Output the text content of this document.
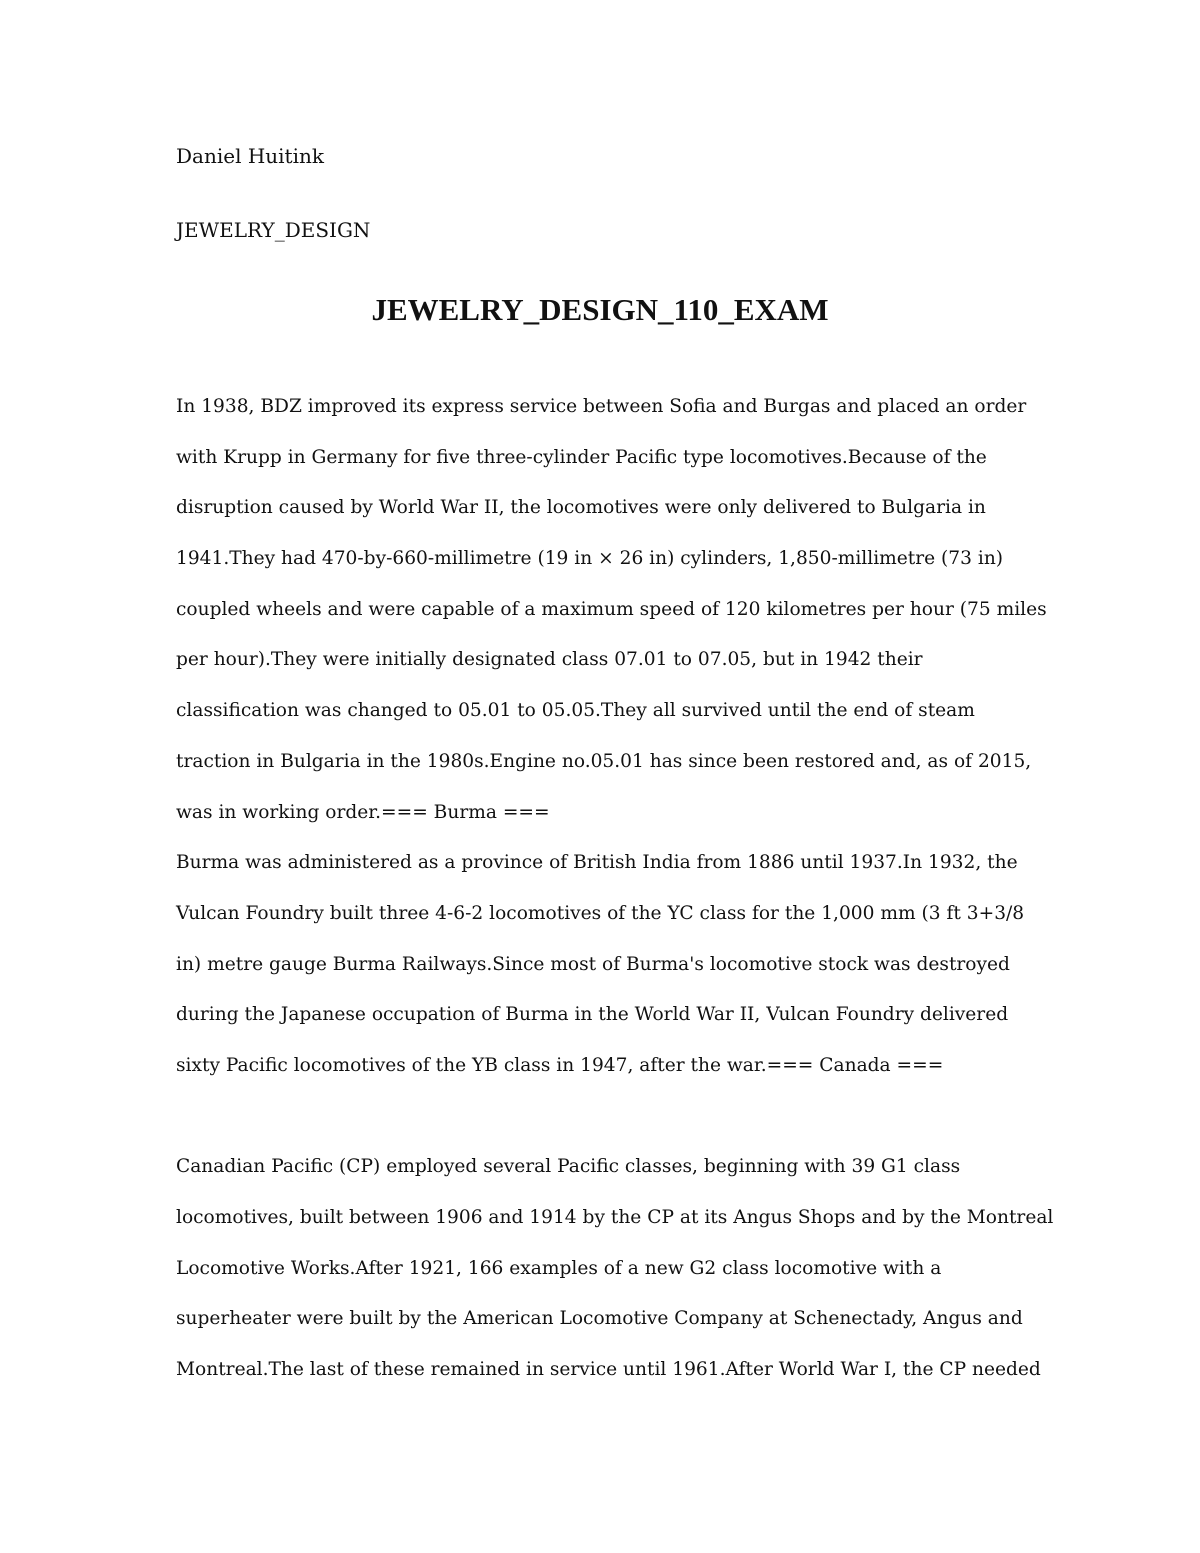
Daniel Huitink
JEWELRY_DESIGN
JEWELRY_DESIGN_110_EXAM
In 1938, BDZ improved its express service between Sofia and Burgas and placed an order
with Krupp in Germany for five three-cylinder Pacific type locomotives.Because of the
disruption caused by World War II, the locomotives were only delivered to Bulgaria in
1941.They had 470-by-660-millimetre (19 in × 26 in) cylinders, 1,850-millimetre (73 in)
coupled wheels and were capable of a maximum speed of 120 kilometres per hour (75 miles
per hour).They were initially designated class 07.01 to 07.05, but in 1942 their
classification was changed to 05.01 to 05.05.They all survived until the end of steam
traction in Bulgaria in the 1980s.Engine no.05.01 has since been restored and, as of 2015,
was in working order.=== Burma ===
Burma was administered as a province of British India from 1886 until 1937.In 1932, the
Vulcan Foundry built three 4-6-2 locomotives of the YC class for the 1,000 mm (3 ft 3+3/8
in) metre gauge Burma Railways.Since most of Burma's locomotive stock was destroyed
during the Japanese occupation of Burma in the World War II, Vulcan Foundry delivered
sixty Pacific locomotives of the YB class in 1947, after the war.=== Canada ===
Canadian Pacific (CP) employed several Pacific classes, beginning with 39 G1 class
locomotives, built between 1906 and 1914 by the CP at its Angus Shops and by the Montreal
Locomotive Works.After 1921, 166 examples of a new G2 class locomotive with a
superheater were built by the American Locomotive Company at Schenectady, Angus and
Montreal.The last of these remained in service until 1961.After World War I, the CP needed
